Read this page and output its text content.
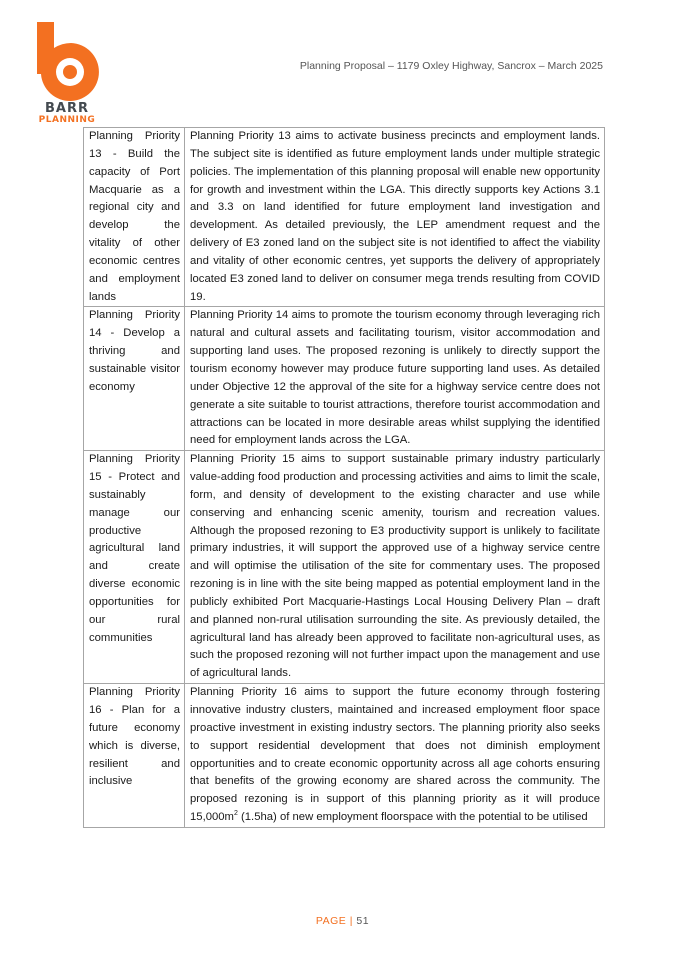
BARR
PLANNING
Planning Proposal – 1179 Oxley Highway, Sancrox – March 2025
Planning Priority 13 - Build the capacity of Port Macquarie as a regional city and develop the vitality of other economic centres and employment lands	Planning Priority 13 aims to activate business precincts and employment lands. The subject site is identified as future employment lands under multiple strategic policies. The implementation of this planning proposal will enable new opportunity for growth and investment within the LGA. This directly supports key Actions 3.1 and 3.3 on land identified for future employment land investigation and development. As detailed previously, the LEP amendment request and the delivery of E3 zoned land on the subject site is not identified to affect the viability and vitality of other economic centres, yet supports the delivery of appropriately located E3 zoned land to deliver on consumer mega trends resulting from COVID 19.
Planning Priority 14 - Develop a thriving and sustainable visitor economy	Planning Priority 14 aims to promote the tourism economy through leveraging rich natural and cultural assets and facilitating tourism, visitor accommodation and supporting land uses. The proposed rezoning is unlikely to directly support the tourism economy however may produce future supporting land uses. As detailed under Objective 12 the approval of the site for a highway service centre does not generate a site suitable to tourist attractions, therefore tourist accommodation and attractions can be located in more desirable areas whilst supplying the identified need for employment lands across the LGA.
Planning Priority 15 - Protect and sustainably manage our productive agricultural land and create diverse economic opportunities for our rural communities	Planning Priority 15 aims to support sustainable primary industry particularly value-adding food production and processing activities and aims to limit the scale, form, and density of development to the existing character and use while conserving and enhancing scenic amenity, tourism and recreation values. Although the proposed rezoning to E3 productivity support is unlikely to facilitate primary industries, it will support the approved use of a highway service centre and will optimise the utilisation of the site for commentary uses. The proposed rezoning is in line with the site being mapped as potential employment land in the publicly exhibited Port Macquarie-Hastings Local Housing Delivery Plan – draft and planned non-rural utilisation surrounding the site. As previously detailed, the agricultural land has already been approved to facilitate non-agricultural uses, as such the proposed rezoning will not further impact upon the management and use of agricultural lands.
Planning Priority 16 - Plan for a future economy which is diverse, resilient and inclusive	Planning Priority 16 aims to support the future economy through fostering innovative industry clusters, maintained and increased employment floor space proactive investment in existing industry sectors. The planning priority also seeks to support residential development that does not diminish employment opportunities and to create economic opportunity across all age cohorts ensuring that benefits of the growing economy are shared across the community. The proposed rezoning is in support of this planning priority as it will produce $15,000m^2$ (1.5ha) of new employment floorspace with the potential to be utilised
PAGE | 51
